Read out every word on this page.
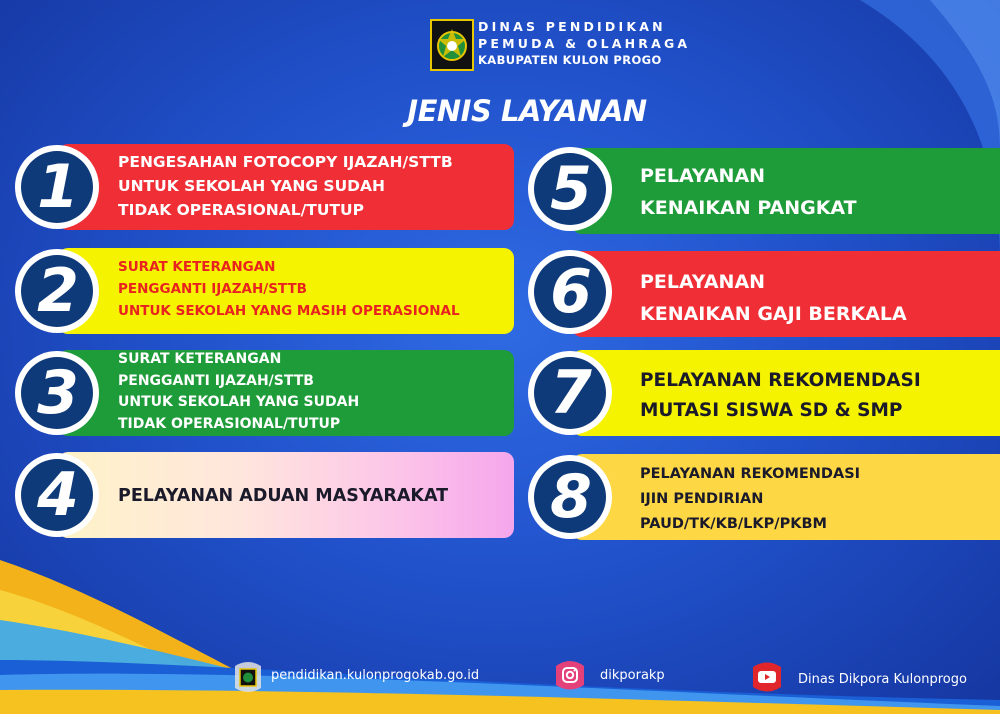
DINAS PENDIDIKAN
PEMUDA & OLAHRAGA
KABUPATEN KULON PROGO
JENIS LAYANAN
1	PENGESAHAN FOTOCOPY IJAZAH/STTB
UNTUK SEKOLAH YANG SUDAH
TIDAK OPERASIONAL/TUTUP
2	SURAT KETERANGAN
PENGGANTI IJAZAH/STTB
UNTUK SEKOLAH YANG MASIH OPERASIONAL
3	SURAT KETERANGAN
PENGGANTI IJAZAH/STTB
UNTUK SEKOLAH YANG SUDAH
TIDAK OPERASIONAL/TUTUP
4	PELAYANAN ADUAN MASYARAKAT
5	PELAYANAN
KENAIKAN PANGKAT
6	PELAYANAN
KENAIKAN GAJI BERKALA
7	PELAYANAN REKOMENDASI
MUTASI SISWA SD & SMP
8	PELAYANAN REKOMENDASI
IJIN PENDIRIAN
PAUD/TK/KB/LKP/PKBM
pendidikan.kulonprogokab.go.id	dikporakp	Dinas Dikpora Kulonprogo
